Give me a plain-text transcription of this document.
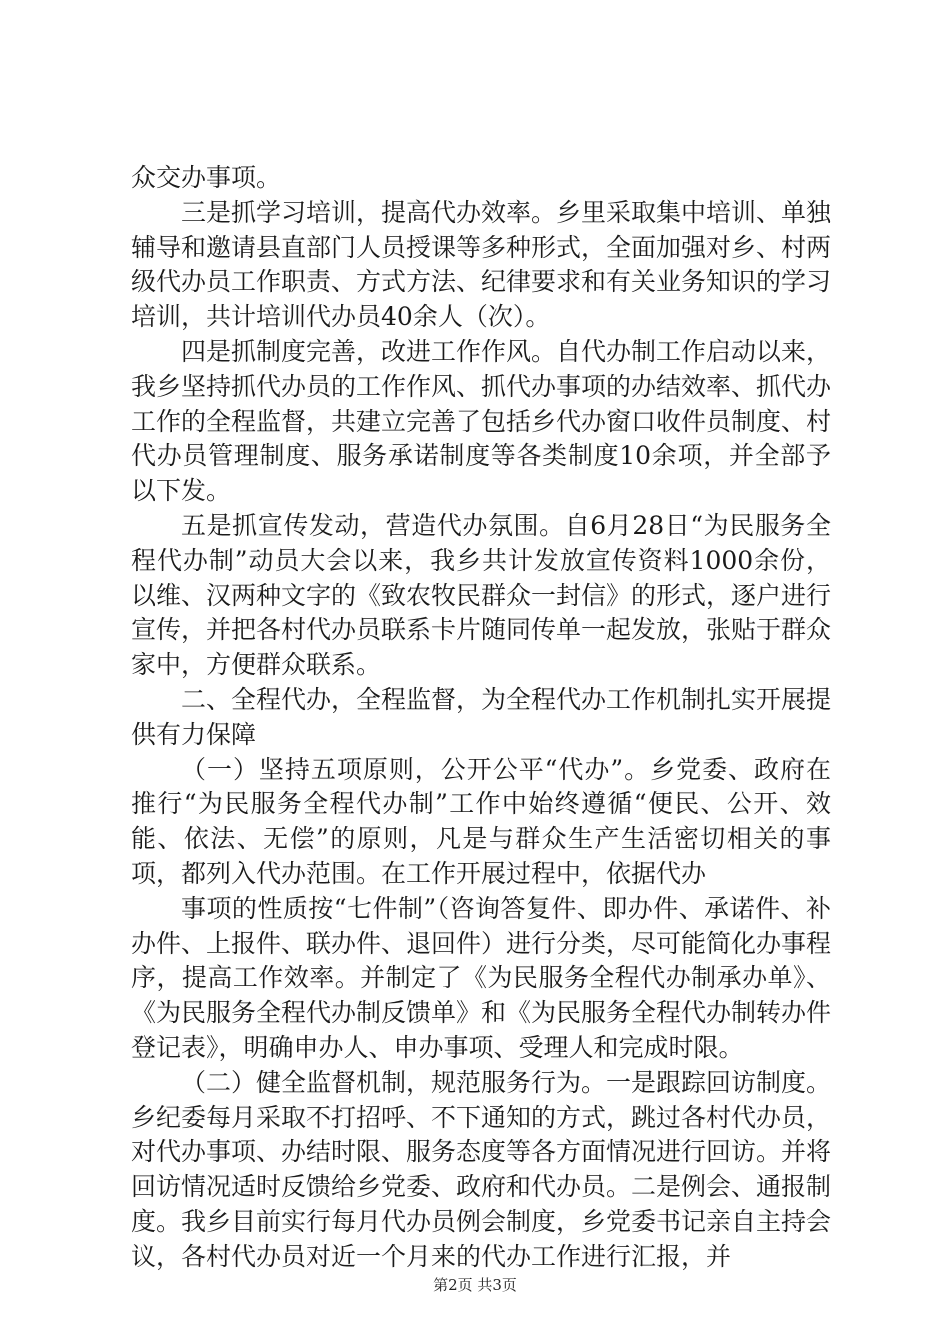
众交办事项。

三是抓学习培训，提高代办效率。乡里采取集中培训、单独辅导和邀请县直部门人员授课等多种形式，全面加强对乡、村两级代办员工作职责、方式方法、纪律要求和有关业务知识的学习培训，共计培训代办员40余人（次）。

四是抓制度完善，改进工作作风。自代办制工作启动以来，我乡坚持抓代办员的工作作风、抓代办事项的办结效率、抓代办工作的全程监督，共建立完善了包括乡代办窗口收件员制度、村代办员管理制度、服务承诺制度等各类制度10余项，并全部予以下发。

五是抓宣传发动，营造代办氛围。自6月28日“为民服务全程代办制”动员大会以来，我乡共计发放宣传资料1000余份，以维、汉两种文字的《致农牧民群众一封信》的形式，逐户进行宣传，并把各村代办员联系卡片随同传单一起发放，张贴于群众家中，方便群众联系。

二、全程代办，全程监督，为全程代办工作机制扎实开展提供有力保障

（一）坚持五项原则，公开公平“代办”。乡党委、政府在推行“为民服务全程代办制”工作中始终遵循“便民、公开、效能、依法、无偿”的原则，凡是与群众生产生活密切相关的事项，都列入代办范围。在工作开展过程中，依据代办

事项的性质按“七件制”（咨询答复件、即办件、承诺件、补办件、上报件、联办件、退回件）进行分类，尽可能简化办事程序，提高工作效率。并制定了《为民服务全程代办制承办单》、《为民服务全程代办制反馈单》和《为民服务全程代办制转办件登记表》，明确申办人、申办事项、受理人和完成时限。

（二）健全监督机制，规范服务行为。一是跟踪回访制度。乡纪委每月采取不打招呼、不下通知的方式，跳过各村代办员，对代办事项、办结时限、服务态度等各方面情况进行回访。并将回访情况适时反馈给乡党委、政府和代办员。二是例会、通报制度。我乡目前实行每月代办员例会制度，乡党委书记亲自主持会议，各村代办员对近一个月来的代办工作进行汇报，并

第2页 共3页
